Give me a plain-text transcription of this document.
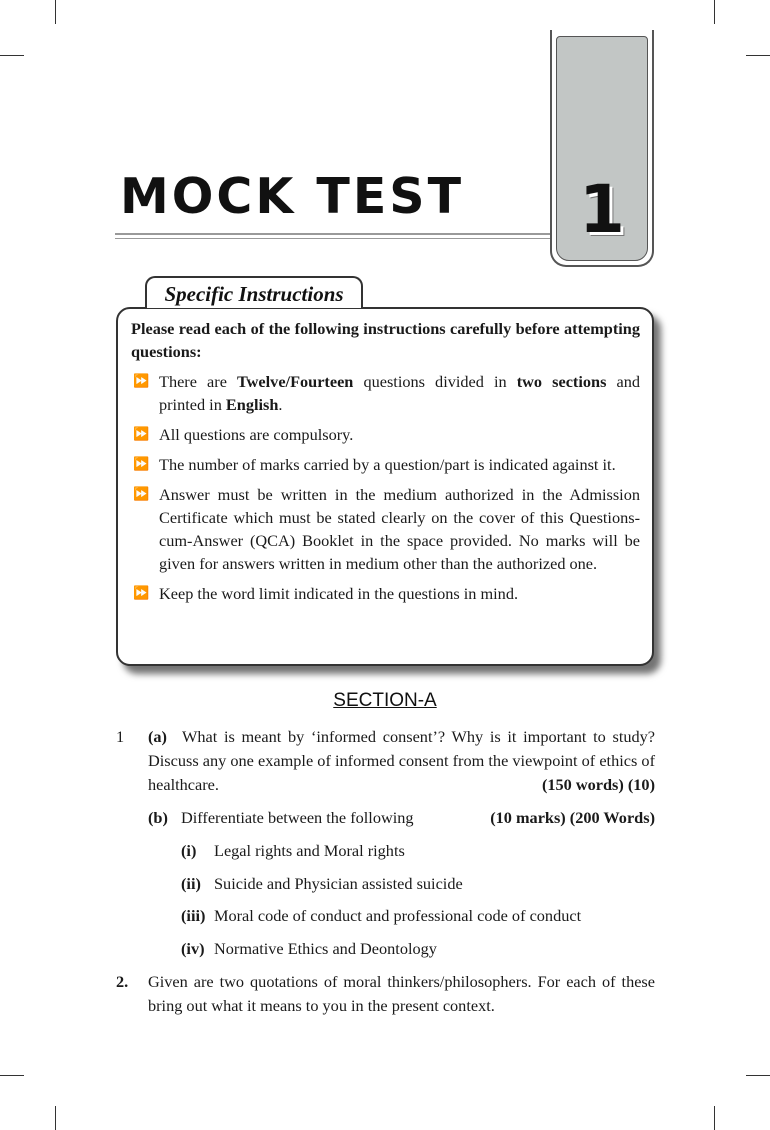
MOCK TEST	1
Specific Instructions

Please read each of the following instructions carefully before attempting questions:

⏩ There are Twelve/Fourteen questions divided in two sections and printed in English.
⏩ All questions are compulsory.
⏩ The number of marks carried by a question/part is indicated against it.
⏩ Answer must be written in the medium authorized in the Admission Certificate which must be stated clearly on the cover of this Questions-cum-Answer (QCA) Booklet in the space provided. No marks will be given for answers written in medium other than the authorized one.
⏩ Keep the word limit indicated in the questions in mind.
SECTION-A
1 (a) What is meant by ‘informed consent’? Why is it important to study? Discuss any one example of informed consent from the viewpoint of ethics of healthcare.	(150 words) (10)
(b) Differentiate between the following	(10 marks) (200 Words)
(i) Legal rights and Moral rights
(ii) Suicide and Physician assisted suicide
(iii) Moral code of conduct and professional code of conduct
(iv) Normative Ethics and Deontology
2. Given are two quotations of moral thinkers/philosophers. For each of these bring out what it means to you in the present context.
